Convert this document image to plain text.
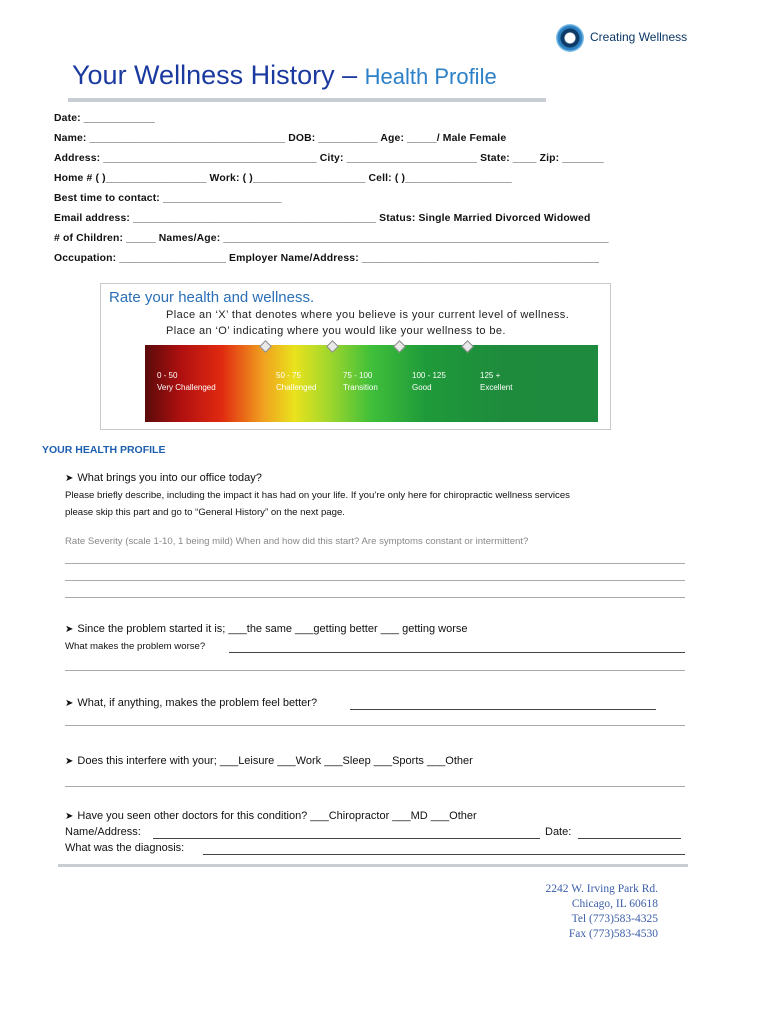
Creating Wellness
Your Wellness History – Health Profile
Date: ____________
Name: _________________________________ DOB: __________ Age: _____/ Male Female
Address: ____________________________________ City: ______________________ State: ____ Zip: _______
Home # ( )_________________ Work: ( )___________________ Cell: ( )__________________
Best time to contact: ____________________
Email address: _________________________________________ Status: Single Married Divorced Widowed
# of Children: _____ Names/Age: _________________________________________________________________
Occupation: __________________ Employer Name/Address: ________________________________________
Rate your health and wellness.
Place an ‘X’ that denotes where you believe is your current level of wellness.
Place an ‘O’ indicating where you would like your wellness to be.
0 - 50
Very Challenged
50 - 75
Challenged
75 - 100
Transition
100 - 125
Good
125 +
Excellent
YOUR HEALTH PROFILE
➤ What brings you into our office today?
Please briefly describe, including the impact it has had on your life. If you’re only here for chiropractic wellness services
please skip this part and go to “General History” on the next page.
Rate Severity (scale 1-10, 1 being mild) When and how did this start? Are symptoms constant or intermittent?
➤ Since the problem started it is; ___the same ___getting better ___ getting worse
What makes the problem worse?
➤ What, if anything, makes the problem feel better?
➤ Does this interfere with your; ___Leisure ___Work ___Sleep ___Sports ___Other
➤ Have you seen other doctors for this condition? ___Chiropractor ___MD ___Other
Name/Address:	Date:
What was the diagnosis:
2242 W. Irving Park Rd.
Chicago, IL 60618
Tel (773)583-4325
Fax (773)583-4530
